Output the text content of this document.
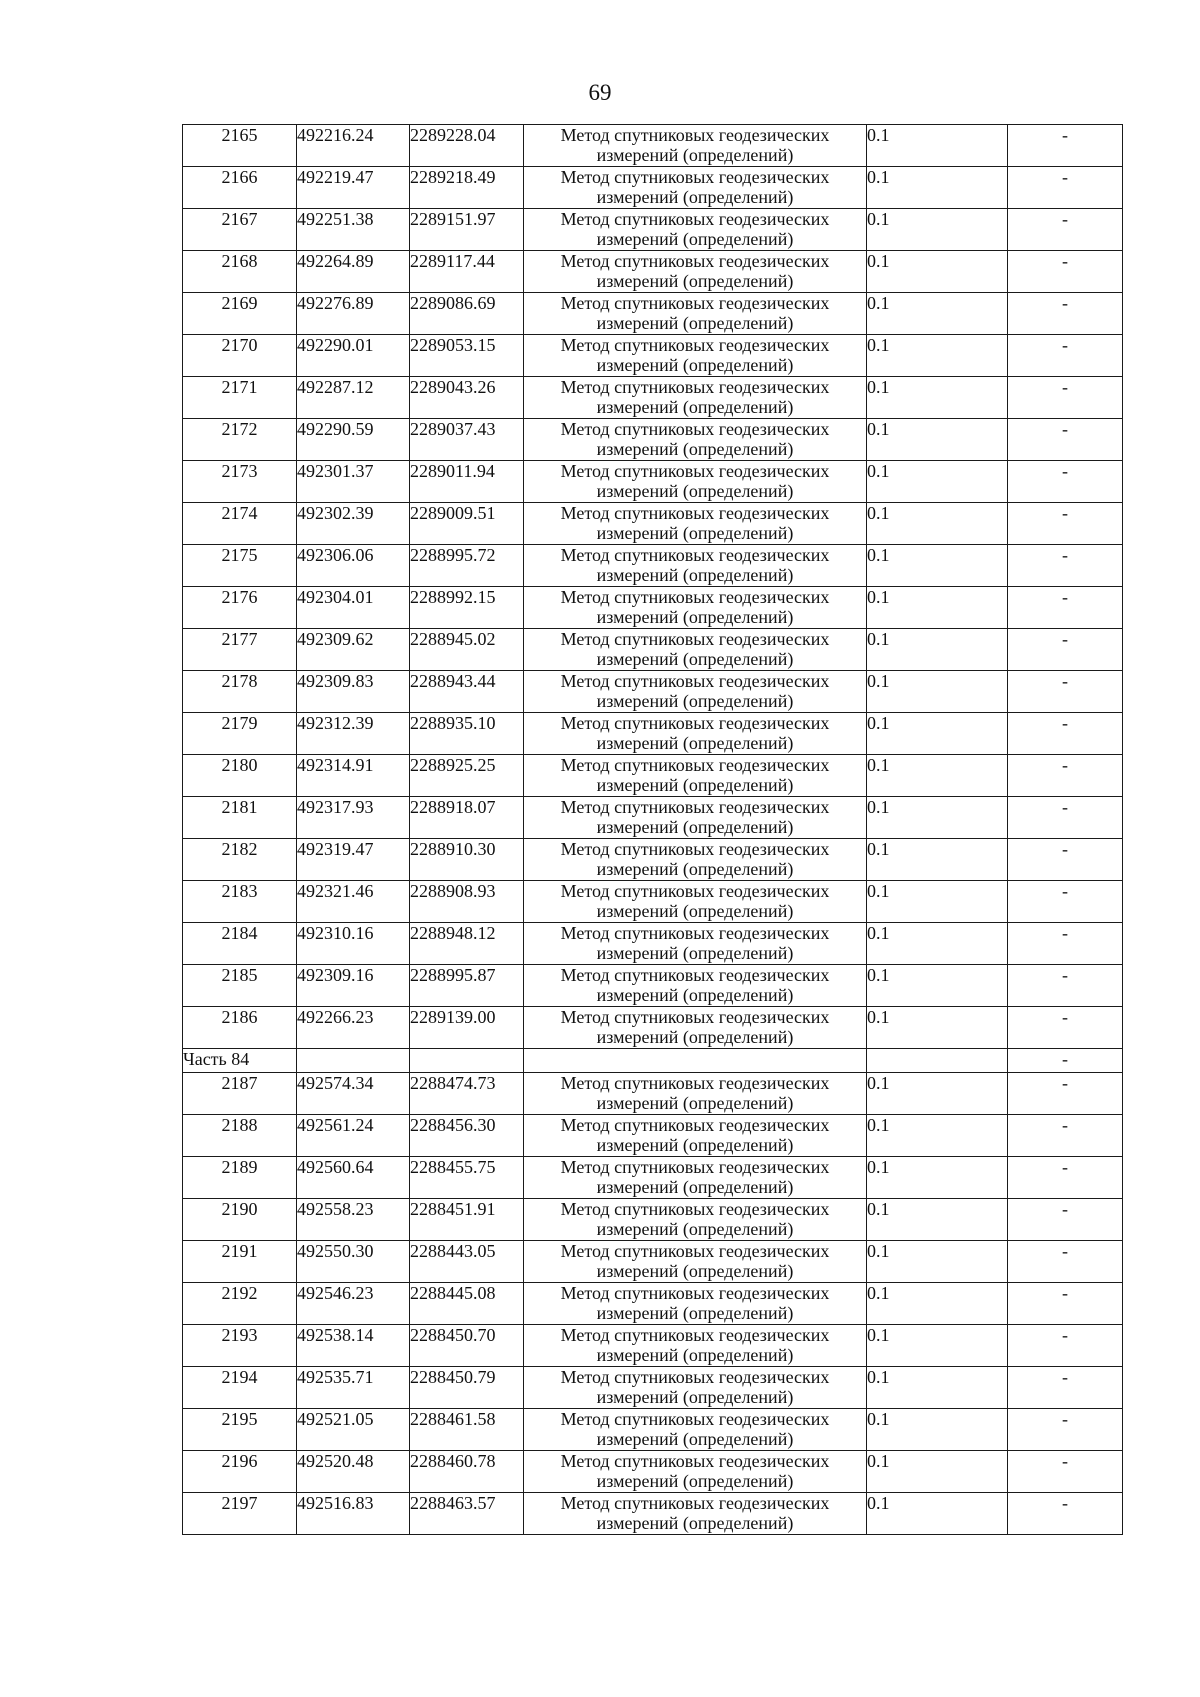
69
2165	492216.24	2289228.04	Метод спутниковых геодезических измерений (определений)	0.1	-
2166	492219.47	2289218.49	Метод спутниковых геодезических измерений (определений)	0.1	-
2167	492251.38	2289151.97	Метод спутниковых геодезических измерений (определений)	0.1	-
2168	492264.89	2289117.44	Метод спутниковых геодезических измерений (определений)	0.1	-
2169	492276.89	2289086.69	Метод спутниковых геодезических измерений (определений)	0.1	-
2170	492290.01	2289053.15	Метод спутниковых геодезических измерений (определений)	0.1	-
2171	492287.12	2289043.26	Метод спутниковых геодезических измерений (определений)	0.1	-
2172	492290.59	2289037.43	Метод спутниковых геодезических измерений (определений)	0.1	-
2173	492301.37	2289011.94	Метод спутниковых геодезических измерений (определений)	0.1	-
2174	492302.39	2289009.51	Метод спутниковых геодезических измерений (определений)	0.1	-
2175	492306.06	2288995.72	Метод спутниковых геодезических измерений (определений)	0.1	-
2176	492304.01	2288992.15	Метод спутниковых геодезических измерений (определений)	0.1	-
2177	492309.62	2288945.02	Метод спутниковых геодезических измерений (определений)	0.1	-
2178	492309.83	2288943.44	Метод спутниковых геодезических измерений (определений)	0.1	-
2179	492312.39	2288935.10	Метод спутниковых геодезических измерений (определений)	0.1	-
2180	492314.91	2288925.25	Метод спутниковых геодезических измерений (определений)	0.1	-
2181	492317.93	2288918.07	Метод спутниковых геодезических измерений (определений)	0.1	-
2182	492319.47	2288910.30	Метод спутниковых геодезических измерений (определений)	0.1	-
2183	492321.46	2288908.93	Метод спутниковых геодезических измерений (определений)	0.1	-
2184	492310.16	2288948.12	Метод спутниковых геодезических измерений (определений)	0.1	-
2185	492309.16	2288995.87	Метод спутниковых геодезических измерений (определений)	0.1	-
2186	492266.23	2289139.00	Метод спутниковых геодезических измерений (определений)	0.1	-
Часть 84					-
2187	492574.34	2288474.73	Метод спутниковых геодезических измерений (определений)	0.1	-
2188	492561.24	2288456.30	Метод спутниковых геодезических измерений (определений)	0.1	-
2189	492560.64	2288455.75	Метод спутниковых геодезических измерений (определений)	0.1	-
2190	492558.23	2288451.91	Метод спутниковых геодезических измерений (определений)	0.1	-
2191	492550.30	2288443.05	Метод спутниковых геодезических измерений (определений)	0.1	-
2192	492546.23	2288445.08	Метод спутниковых геодезических измерений (определений)	0.1	-
2193	492538.14	2288450.70	Метод спутниковых геодезических измерений (определений)	0.1	-
2194	492535.71	2288450.79	Метод спутниковых геодезических измерений (определений)	0.1	-
2195	492521.05	2288461.58	Метод спутниковых геодезических измерений (определений)	0.1	-
2196	492520.48	2288460.78	Метод спутниковых геодезических измерений (определений)	0.1	-
2197	492516.83	2288463.57	Метод спутниковых геодезических измерений (определений)	0.1	-
